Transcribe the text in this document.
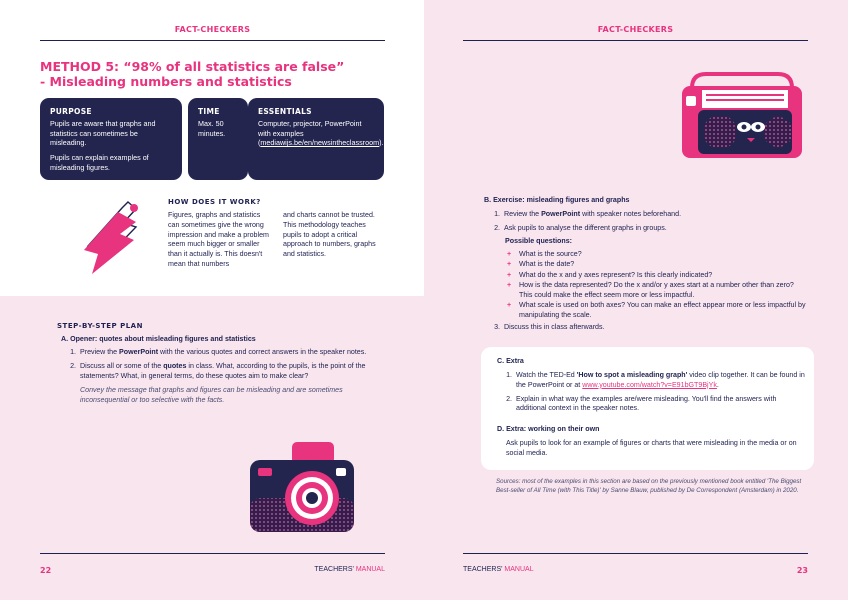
FACT-CHECKERS	FACT-CHECKERS
METHOD 5: “98% of all statistics are false”
- Misleading numbers and statistics
PURPOSE

Pupils are aware that graphs and statistics can sometimes be misleading.

Pupils can explain examples of misleading figures.

TIME

Max. 50 minutes.

ESSENTIALS

Computer, projector, PowerPoint with examples (mediawijs.be/en/newsintheclassroom).

HOW DOES IT WORK?
Figures, graphs and statistics can sometimes give the wrong impression and make a problem seem much bigger or smaller than it actually is. This doesn't mean that numbers
and charts cannot be trusted. This methodology teaches pupils to adopt a critical approach to numbers, graphs and statistics.
STEP-BY-STEP PLAN
A. Opener: quotes about misleading figures and statistics
1. Preview the PowerPoint with the various quotes and correct answers in the speaker notes.
2. Discuss all or some of the quotes in class. What, according to the pupils, is the point of the statements? What, in general terms, do these quotes aim to make clear?
Convey the message that graphs and figures can be misleading and are sometimes inconsequential or too selective with the facts.
B. Exercise: misleading figures and graphs
1. Review the PowerPoint with speaker notes beforehand.
2. Ask pupils to analyse the different graphs in groups.
Possible questions:
+ What is the source?
+ What is the date?
+ What do the x and y axes represent? Is this clearly indicated?
+ How is the data represented? Do the x and/or y axes start at a number other than zero? This could make the effect seem more or less impactful.
+ What scale is used on both axes? You can make an effect appear more or less impactful by manipulating the scale.
3. Discuss this in class afterwards.
C. Extra
1. Watch the TED-Ed 'How to spot a misleading graph' video clip together. It can be found in the PowerPoint or at www.youtube.com/watch?v=E91bGT9BjYk.
2. Explain in what way the examples are/were misleading. You'll find the answers with additional context in the speaker notes.
D. Extra: working on their own
Ask pupils to look for an example of figures or charts that were misleading in the media or on social media.
Sources: most of the examples in this section are based on the previously mentioned book entitled 'The Biggest Best-seller of All Time (with This Title)' by Sanne Blauw, published by De Correspondent (Amsterdam) in 2020.
22	TEACHERS' MANUAL	TEACHERS' MANUAL	23
